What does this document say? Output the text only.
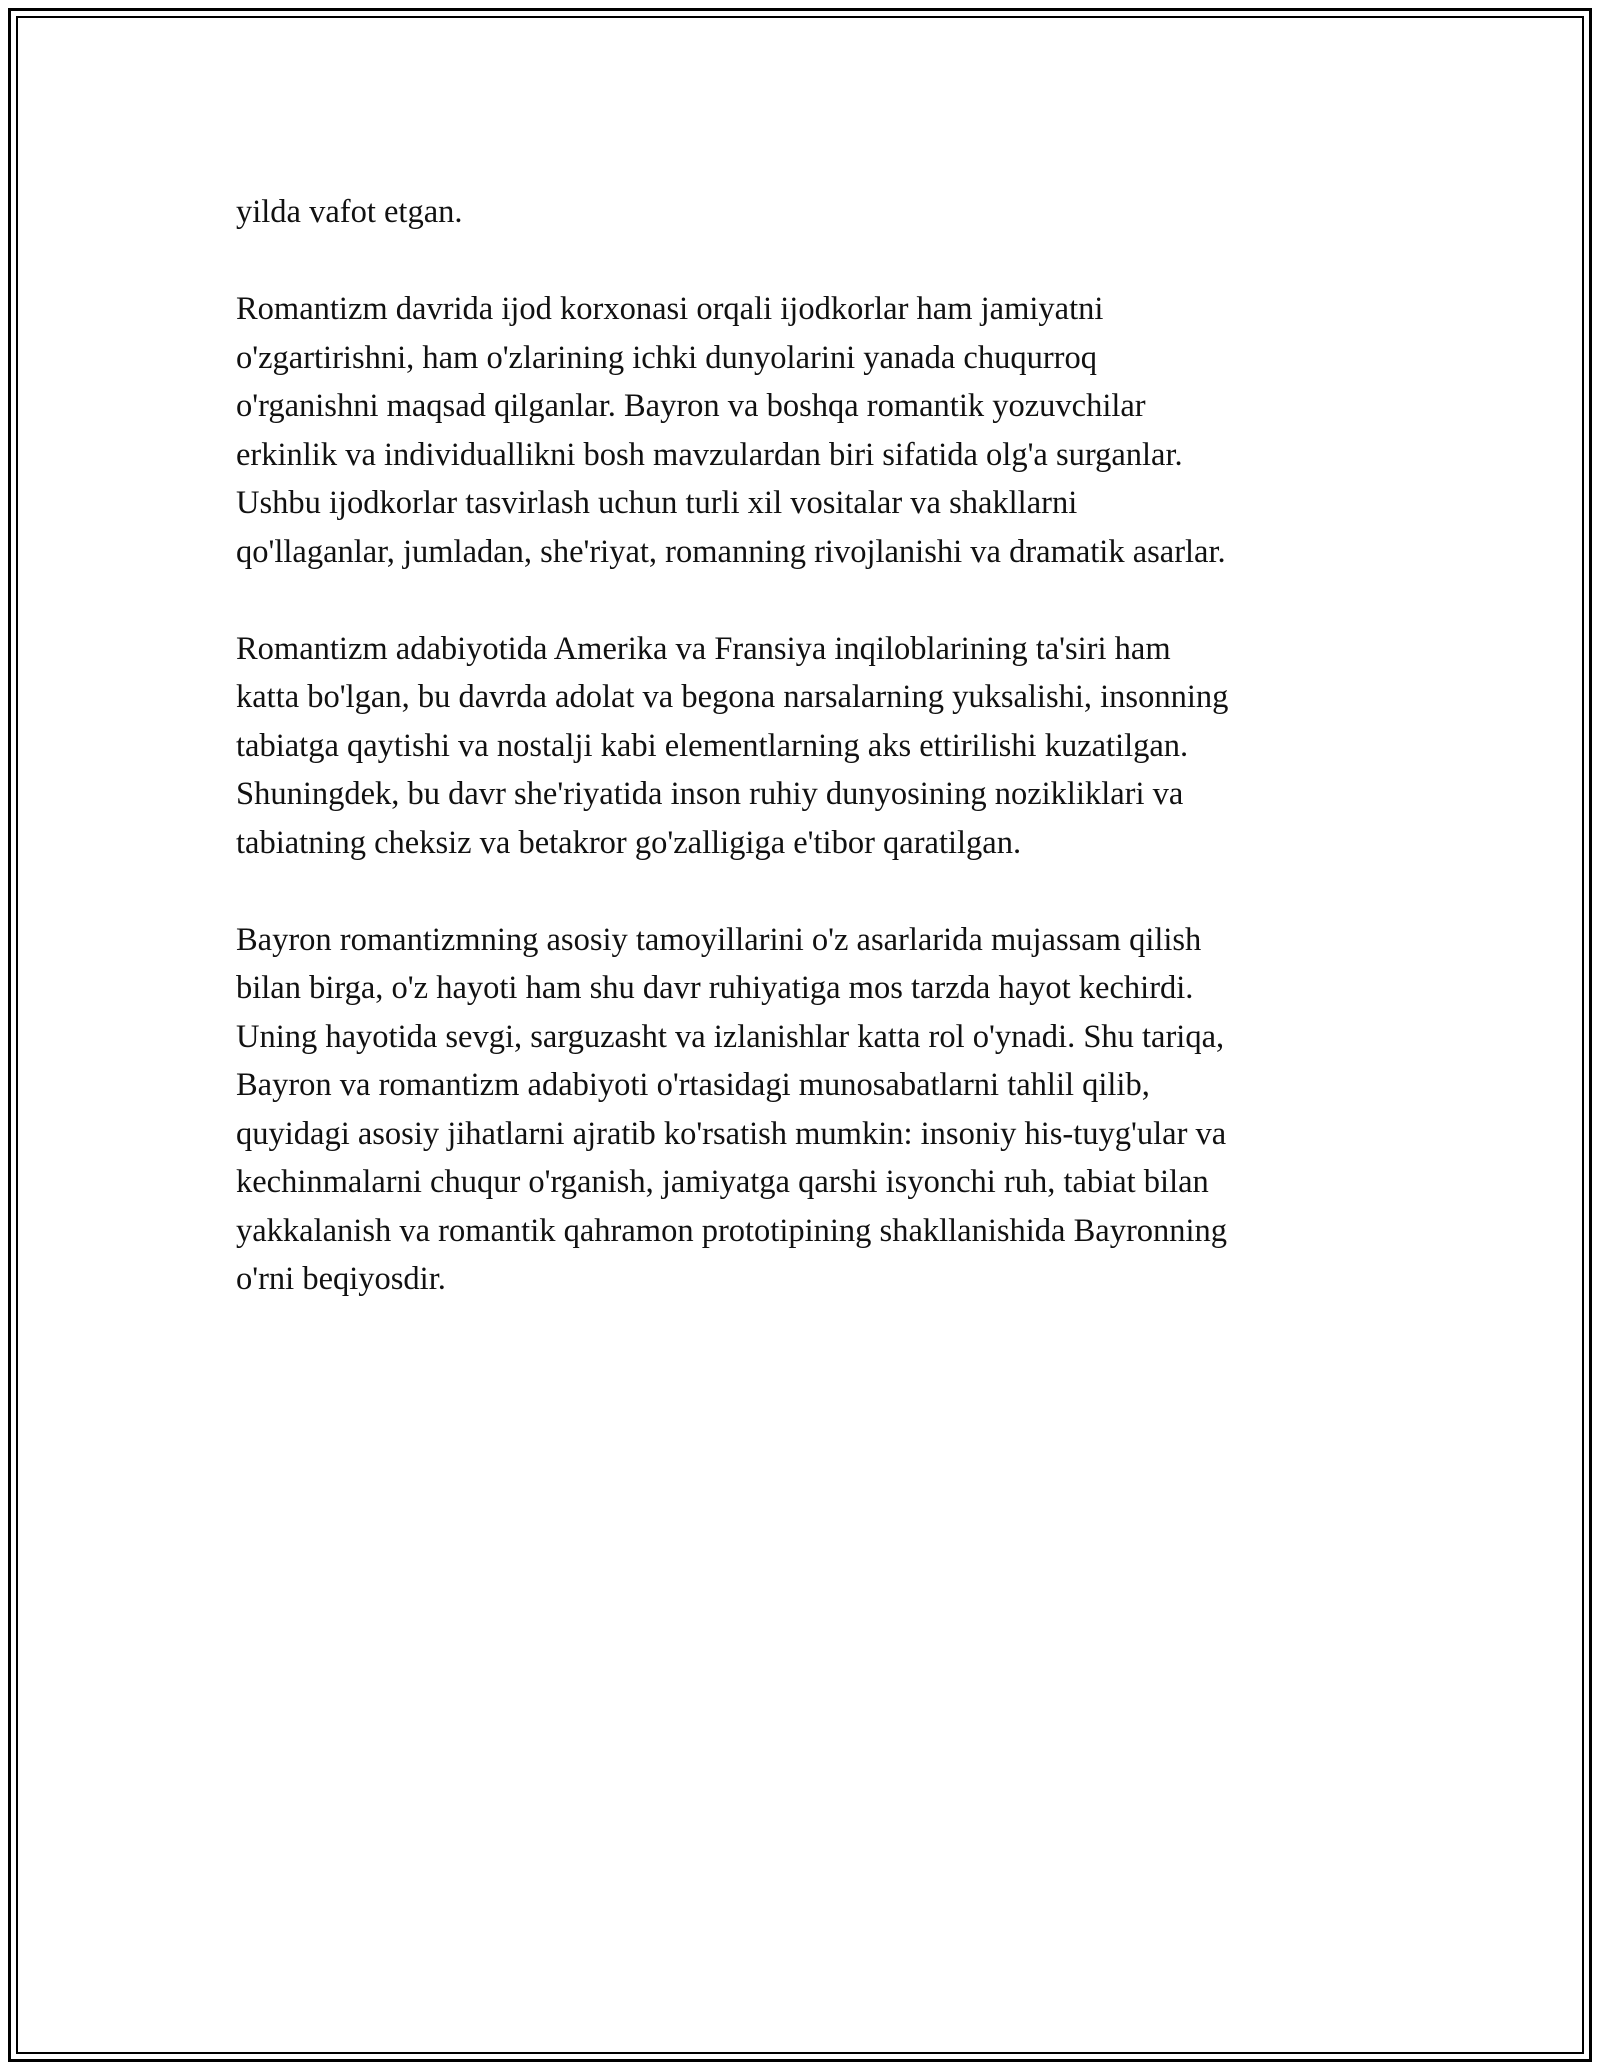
yilda vafot etgan.

Romantizm davrida ijod korxonasi orqali ijodkorlar ham jamiyatni
o'zgartirishni, ham o'zlarining ichki dunyolarini yanada chuqurroq
o'rganishni maqsad qilganlar. Bayron va boshqa romantik yozuvchilar
erkinlik va individuallikni bosh mavzulardan biri sifatida olg'a surganlar.
Ushbu ijodkorlar tasvirlash uchun turli xil vositalar va shakllarni
qo'llaganlar, jumladan, she'riyat, romanning rivojlanishi va dramatik asarlar.

Romantizm adabiyotida Amerika va Fransiya inqiloblarining ta'siri ham
katta bo'lgan, bu davrda adolat va begona narsalarning yuksalishi, insonning
tabiatga qaytishi va nostalji kabi elementlarning aks ettirilishi kuzatilgan.
Shuningdek, bu davr she'riyatida inson ruhiy dunyosining nozikliklari va
tabiatning cheksiz va betakror go'zalligiga e'tibor qaratilgan.

Bayron romantizmning asosiy tamoyillarini o'z asarlarida mujassam qilish
bilan birga, o'z hayoti ham shu davr ruhiyatiga mos tarzda hayot kechirdi.
Uning hayotida sevgi, sarguzasht va izlanishlar katta rol o'ynadi. Shu tariqa,
Bayron va romantizm adabiyoti o'rtasidagi munosabatlarni tahlil qilib,
quyidagi asosiy jihatlarni ajratib ko'rsatish mumkin: insoniy his-tuyg'ular va
kechinmalarni chuqur o'rganish, jamiyatga qarshi isyonchi ruh, tabiat bilan
yakkalanish va romantik qahramon prototipining shakllanishida Bayronning
o'rni beqiyosdir.
